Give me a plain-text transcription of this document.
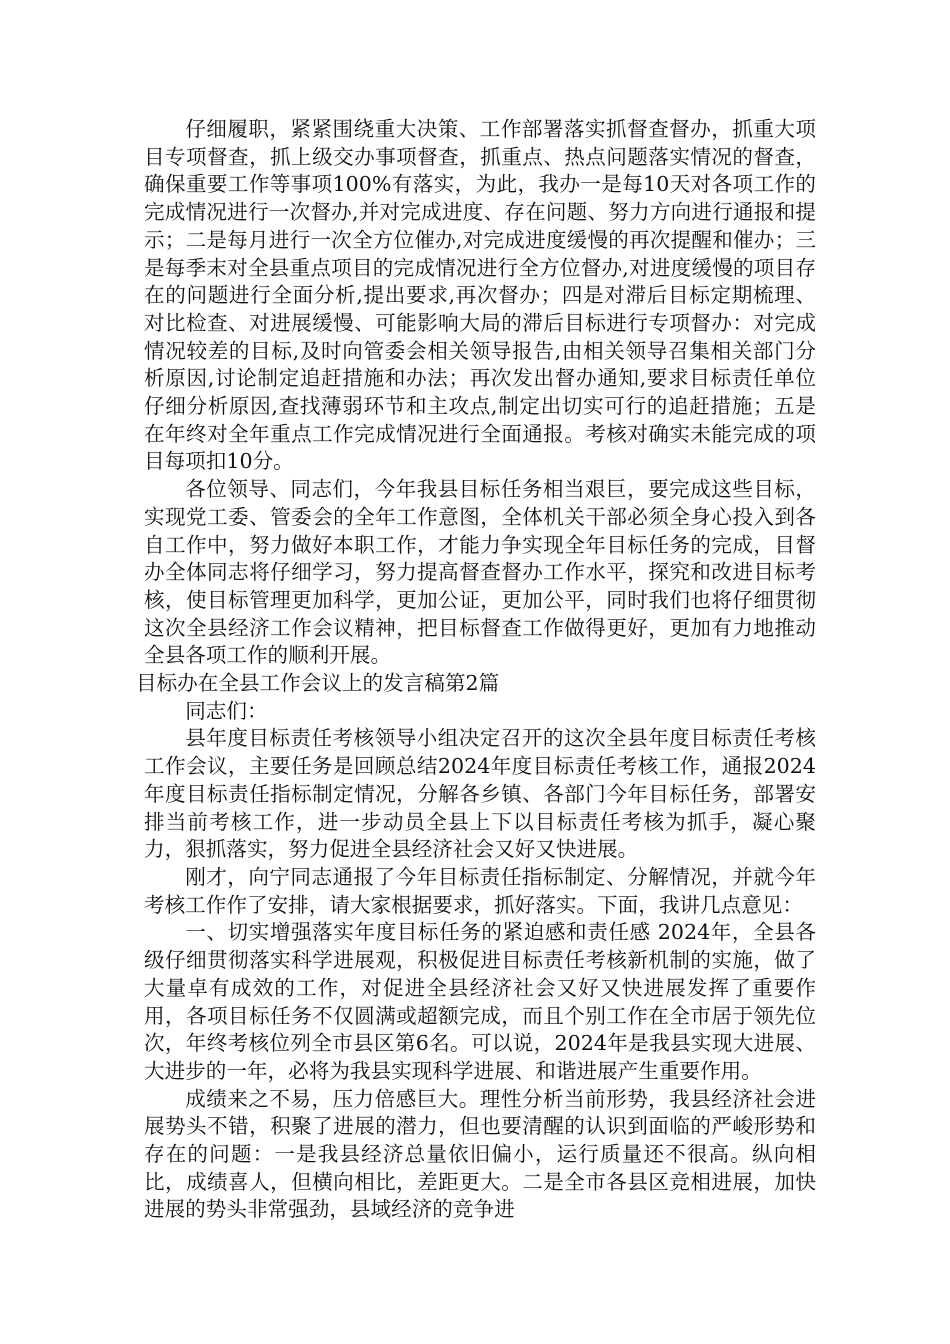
仔细履职，紧紧围绕重大决策、工作部署落实抓督查督办，抓重大项目专项督查，抓上级交办事项督查，抓重点、热点问题落实情况的督查，确保重要工作等事项100%有落实，为此，我办一是每10天对各项工作的完成情况进行一次督办,并对完成进度、存在问题、努力方向进行通报和提示；二是每月进行一次全方位催办,对完成进度缓慢的再次提醒和催办；三是每季末对全县重点项目的完成情况进行全方位督办,对进度缓慢的项目存在的问题进行全面分析,提出要求,再次督办；四是对滞后目标定期梳理、对比检查、对进展缓慢、可能影响大局的滞后目标进行专项督办：对完成情况较差的目标,及时向管委会相关领导报告,由相关领导召集相关部门分析原因,讨论制定追赶措施和办法；再次发出督办通知,要求目标责任单位仔细分析原因,查找薄弱环节和主攻点,制定出切实可行的追赶措施；五是在年终对全年重点工作完成情况进行全面通报。考核对确实未能完成的项目每项扣10分。

各位领导、同志们，今年我县目标任务相当艰巨，要完成这些目标，实现党工委、管委会的全年工作意图，全体机关干部必须全身心投入到各自工作中，努力做好本职工作，才能力争实现全年目标任务的完成，目督办全体同志将仔细学习，努力提高督查督办工作水平，探究和改进目标考核，使目标管理更加科学，更加公证，更加公平，同时我们也将仔细贯彻这次全县经济工作会议精神，把目标督查工作做得更好，更加有力地推动全县各项工作的顺利开展。

目标办在全县工作会议上的发言稿第2篇

同志们：

县年度目标责任考核领导小组决定召开的这次全县年度目标责任考核工作会议，主要任务是回顾总结2024年度目标责任考核工作，通报2024年度目标责任指标制定情况，分解各乡镇、各部门今年目标任务，部署安排当前考核工作，进一步动员全县上下以目标责任考核为抓手，凝心聚力，狠抓落实，努力促进全县经济社会又好又快进展。

刚才，向宁同志通报了今年目标责任指标制定、分解情况，并就今年考核工作作了安排，请大家根据要求，抓好落实。下面，我讲几点意见：

一、切实增强落实年度目标任务的紧迫感和责任感 2024年，全县各级仔细贯彻落实科学进展观，积极促进目标责任考核新机制的实施，做了大量卓有成效的工作，对促进全县经济社会又好又快进展发挥了重要作用，各项目标任务不仅圆满或超额完成，而且个别工作在全市居于领先位次，年终考核位列全市县区第6名。可以说，2024年是我县实现大进展、大进步的一年，必将为我县实现科学进展、和谐进展产生重要作用。

成绩来之不易，压力倍感巨大。理性分析当前形势，我县经济社会进展势头不错，积聚了进展的潜力，但也要清醒的认识到面临的严峻形势和存在的问题：一是我县经济总量依旧偏小，运行质量还不很高。纵向相比，成绩喜人，但横向相比，差距更大。二是全市各县区竞相进展，加快进展的势头非常强劲，县域经济的竞争进
